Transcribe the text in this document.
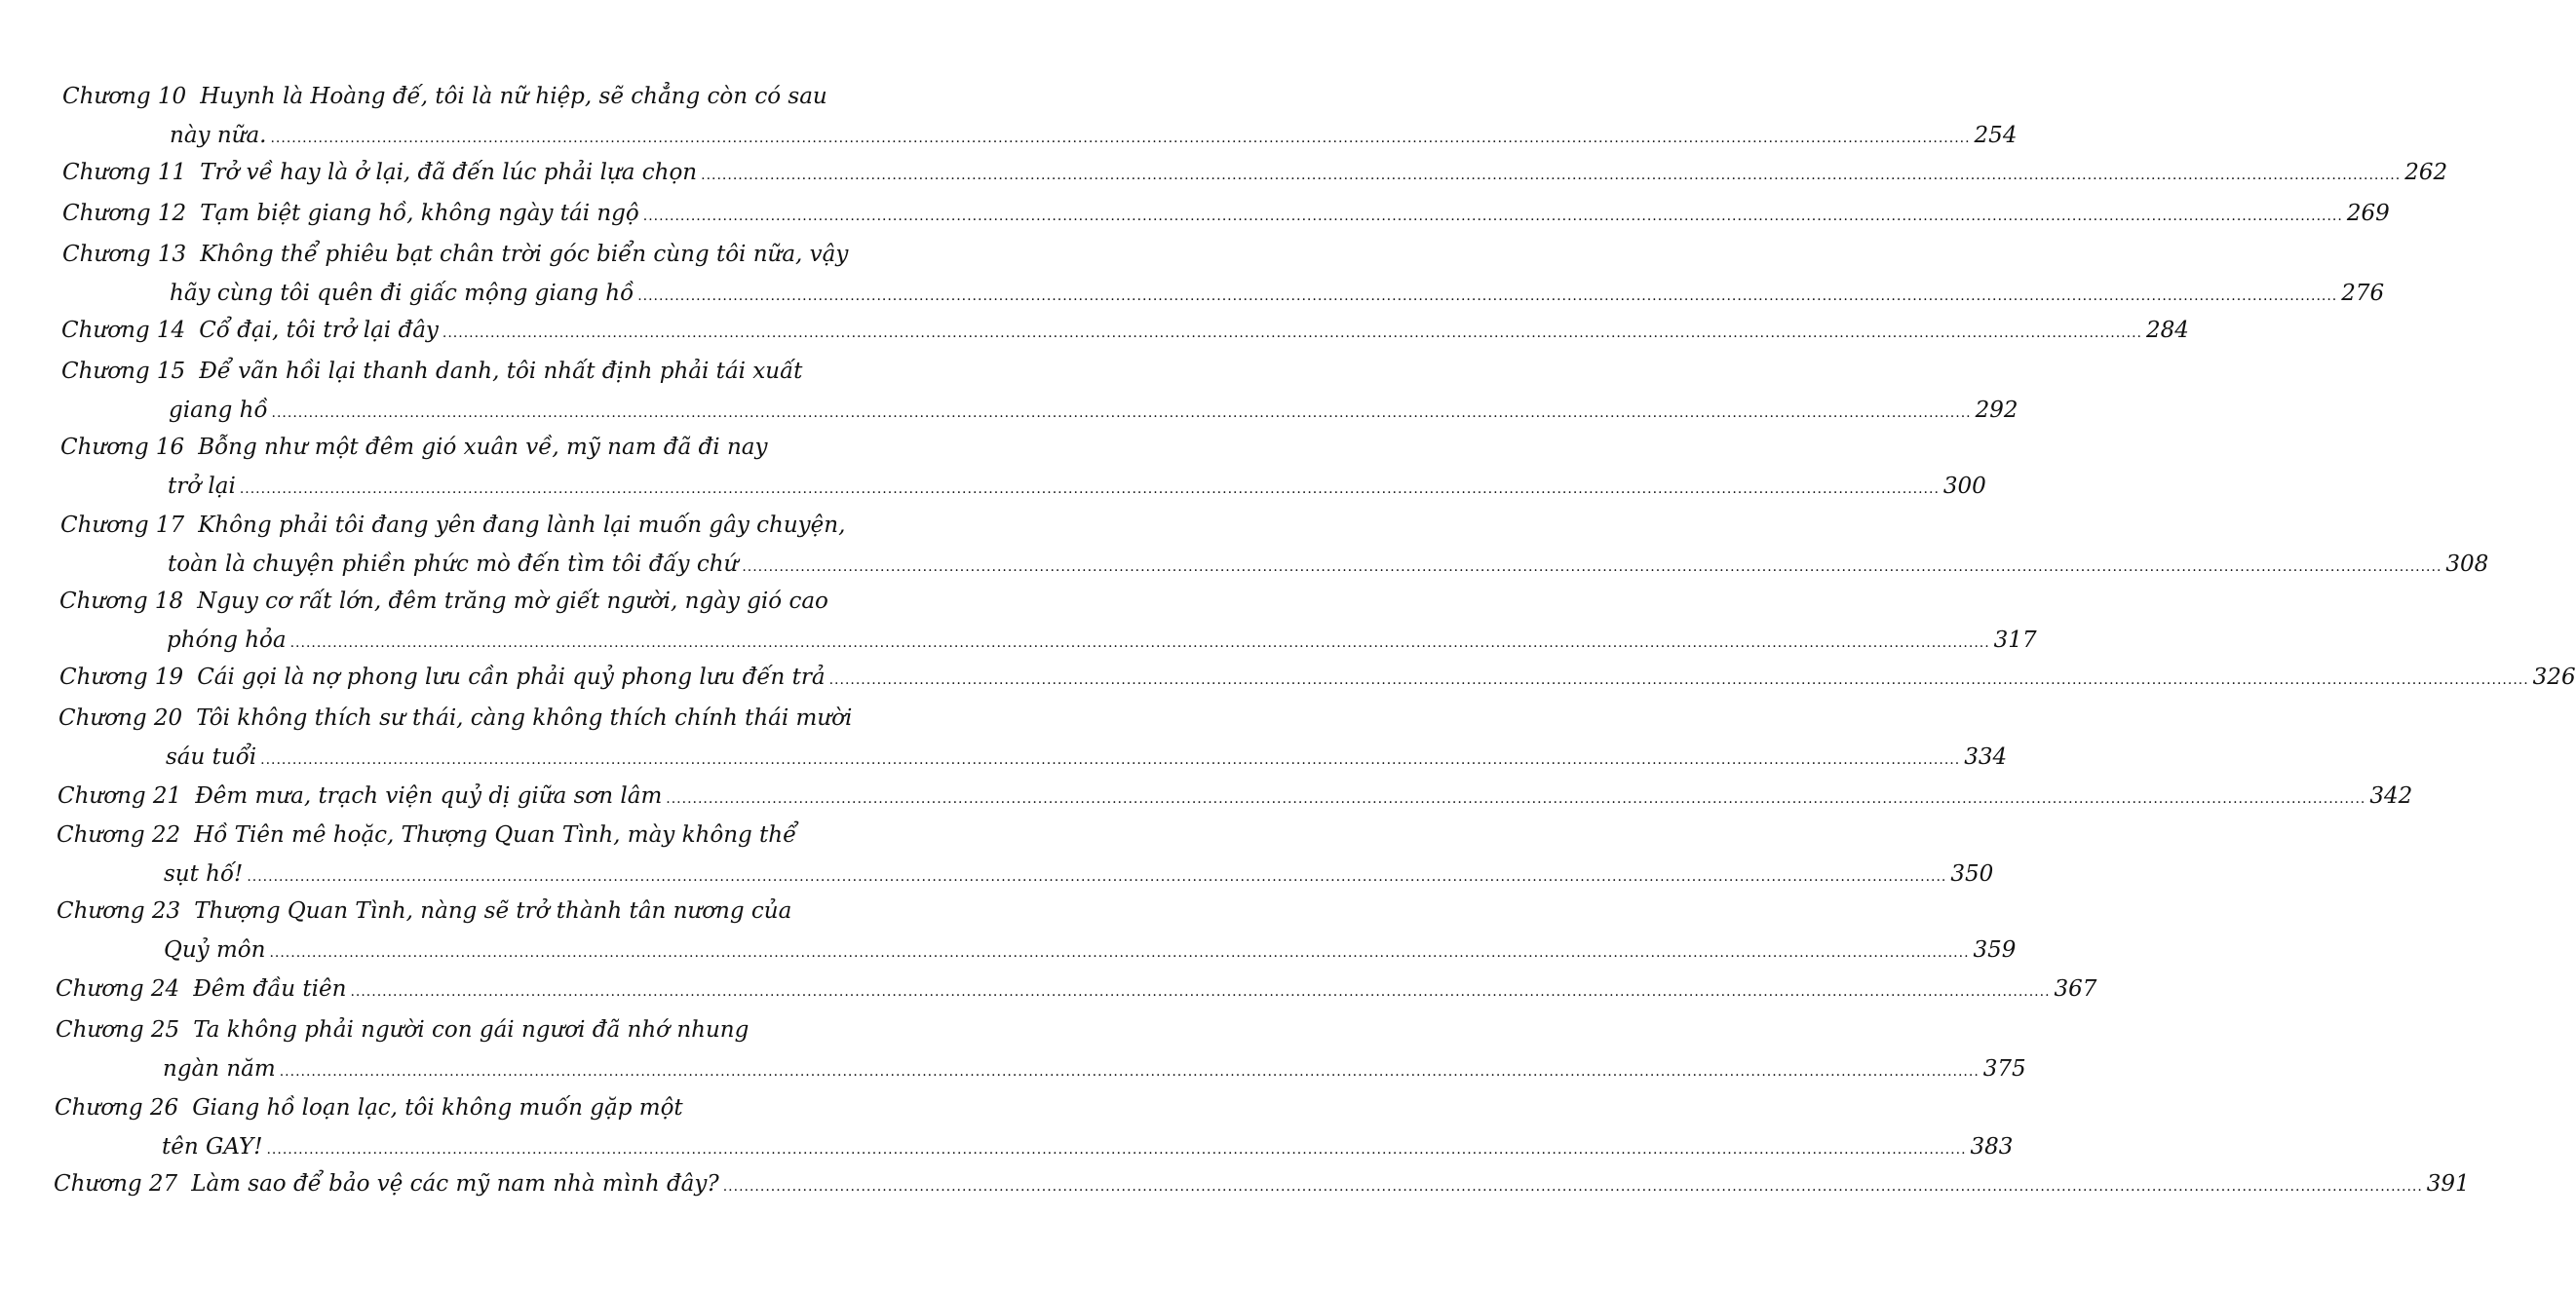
Chương 10 Huynh là Hoàng đế, tôi là nữ hiệp, sẽ chẳng còn có sau
này nữa. .....	254
Chương 11 Trở về hay là ở lại, đã đến lúc phải lựa chọn .....	262
Chương 12 Tạm biệt giang hồ, không ngày tái ngộ .....	269
Chương 13 Không thể phiêu bạt chân trời góc biển cùng tôi nữa, vậy
hãy cùng tôi quên đi giấc mộng giang hồ .....	276
Chương 14 Cổ đại, tôi trở lại đây .....	284
Chương 15 Để vãn hồi lại thanh danh, tôi nhất định phải tái xuất
giang hồ .....	292
Chương 16 Bỗng như một đêm gió xuân về, mỹ nam đã đi nay
trở lại .....	300
Chương 17 Không phải tôi đang yên đang lành lại muốn gây chuyện,
toàn là chuyện phiền phức mò đến tìm tôi đấy chứ .....	308
Chương 18 Nguy cơ rất lớn, đêm trăng mờ giết người, ngày gió cao
phóng hỏa .....	317
Chương 19 Cái gọi là nợ phong lưu cần phải quỷ phong lưu đến trả .....	326
Chương 20 Tôi không thích sư thái, càng không thích chính thái mười
sáu tuổi .....	334
Chương 21 Đêm mưa, trạch viện quỷ dị giữa sơn lâm .....	342
Chương 22 Hồ Tiên mê hoặc, Thượng Quan Tình, mày không thể
sụt hố! .....	350
Chương 23 Thượng Quan Tình, nàng sẽ trở thành tân nương của
Quỷ môn .....	359
Chương 24 Đêm đầu tiên .....	367
Chương 25 Ta không phải người con gái ngươi đã nhớ nhung
ngàn năm .....	375
Chương 26 Giang hồ loạn lạc, tôi không muốn gặp một
tên GAY! .....	383
Chương 27 Làm sao để bảo vệ các mỹ nam nhà mình đây? .....	391
